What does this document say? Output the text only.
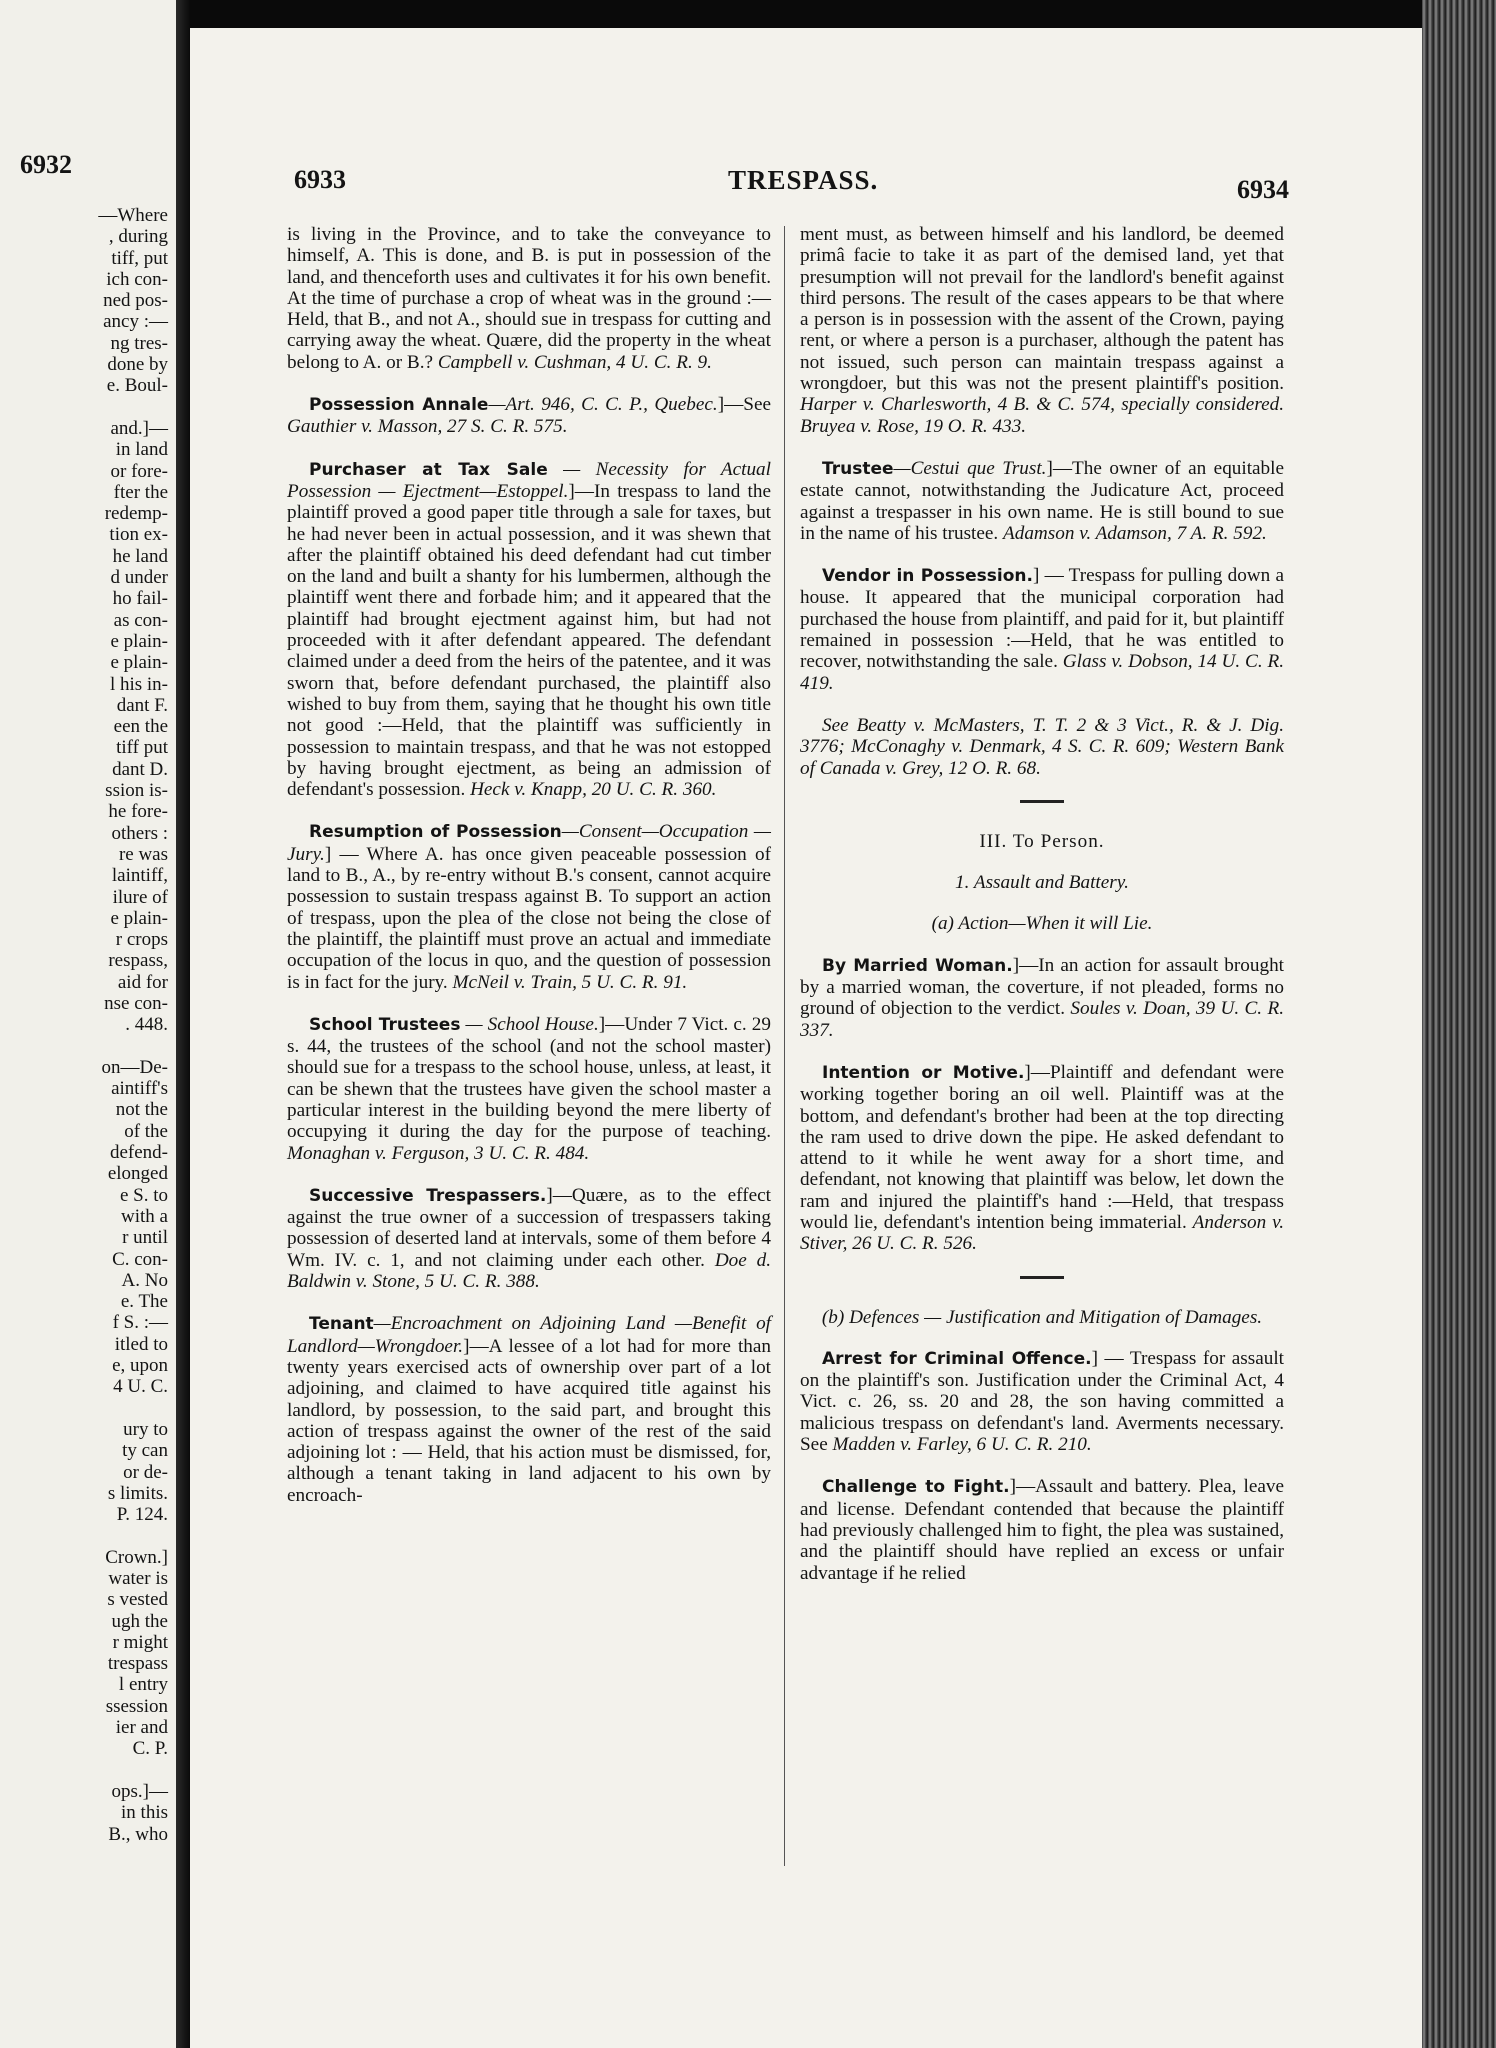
6932
—Where
, during
tiff, put
ich con-
ned pos-
ancy :—
ng tres-
done by
e. Boul-
and.]—
in land
or fore-
fter the
redemp-
tion ex-
he land
d under
ho fail-
as con-
e plain-
e plain-
l his in-
dant F.
een the
tiff put
dant D.
ssion is-
he fore-
others :
re was
laintiff,
ilure of
e plain-
r crops
respass,
aid for
nse con-
. 448.
on—De-
aintiff's
not the
of the
defend-
elonged
e S. to
with a
r until
C. con-
A. No
e. The
f S. :—
itled to
e, upon
4 U. C.
ury to
ty can
or de-
s limits.
P. 124.
Crown.]
water is
s vested
ugh the
r might
trespass
l entry
ssession
ier and
C. P.
ops.]—
in this
B., who
6933	TRESPASS.	6934

is living in the Province, and to take the conveyance to himself, A. This is done, and B. is put in possession of the land, and thenceforth uses and cultivates it for his own benefit. At the time of purchase a crop of wheat was in the ground :—Held, that B., and not A., should sue in trespass for cutting and carrying away the wheat. Quære, did the property in the wheat belong to A. or B.? Campbell v. Cushman, 4 U. C. R. 9.

Possession Annale—Art. 946, C. C. P., Quebec.]—See Gauthier v. Masson, 27 S. C. R. 575.

Purchaser at Tax Sale — Necessity for Actual Possession — Ejectment—Estoppel.]—In trespass to land the plaintiff proved a good paper title through a sale for taxes, but he had never been in actual possession, and it was shewn that after the plaintiff obtained his deed defendant had cut timber on the land and built a shanty for his lumbermen, although the plaintiff went there and forbade him; and it appeared that the plaintiff had brought ejectment against him, but had not proceeded with it after defendant appeared. The defendant claimed under a deed from the heirs of the patentee, and it was sworn that, before defendant purchased, the plaintiff also wished to buy from them, saying that he thought his own title not good :—Held, that the plaintiff was sufficiently in possession to maintain trespass, and that he was not estopped by having brought ejectment, as being an admission of defendant's possession. Heck v. Knapp, 20 U. C. R. 360.

Resumption of Possession—Consent—Occupation — Jury.] — Where A. has once given peaceable possession of land to B., A., by re-entry without B.'s consent, cannot acquire possession to sustain trespass against B. To support an action of trespass, upon the plea of the close not being the close of the plaintiff, the plaintiff must prove an actual and immediate occupation of the locus in quo, and the question of possession is in fact for the jury. McNeil v. Train, 5 U. C. R. 91.

School Trustees — School House.]—Under 7 Vict. c. 29 s. 44, the trustees of the school (and not the school master) should sue for a trespass to the school house, unless, at least, it can be shewn that the trustees have given the school master a particular interest in the building beyond the mere liberty of occupying it during the day for the purpose of teaching. Monaghan v. Ferguson, 3 U. C. R. 484.

Successive Trespassers.]—Quære, as to the effect against the true owner of a succession of trespassers taking possession of deserted land at intervals, some of them before 4 Wm. IV. c. 1, and not claiming under each other. Doe d. Baldwin v. Stone, 5 U. C. R. 388.

Tenant—Encroachment on Adjoining Land —Benefit of Landlord—Wrongdoer.]—A lessee of a lot had for more than twenty years exercised acts of ownership over part of a lot adjoining, and claimed to have acquired title against his landlord, by possession, to the said part, and brought this action of trespass against the owner of the rest of the said adjoining lot : — Held, that his action must be dismissed, for, although a tenant taking in land adjacent to his own by encroach-

ment must, as between himself and his landlord, be deemed primâ facie to take it as part of the demised land, yet that presumption will not prevail for the landlord's benefit against third persons. The result of the cases appears to be that where a person is in possession with the assent of the Crown, paying rent, or where a person is a purchaser, although the patent has not issued, such person can maintain trespass against a wrongdoer, but this was not the present plaintiff's position. Harper v. Charlesworth, 4 B. & C. 574, specially considered. Bruyea v. Rose, 19 O. R. 433.

Trustee—Cestui que Trust.]—The owner of an equitable estate cannot, notwithstanding the Judicature Act, proceed against a trespasser in his own name. He is still bound to sue in the name of his trustee. Adamson v. Adamson, 7 A. R. 592.

Vendor in Possession.] — Trespass for pulling down a house. It appeared that the municipal corporation had purchased the house from plaintiff, and paid for it, but plaintiff remained in possession :—Held, that he was entitled to recover, notwithstanding the sale. Glass v. Dobson, 14 U. C. R. 419.

See Beatty v. McMasters, T. T. 2 & 3 Vict., R. & J. Dig. 3776; McConaghy v. Denmark, 4 S. C. R. 609; Western Bank of Canada v. Grey, 12 O. R. 68.

III. To Person.
1. Assault and Battery.
(a) Action—When it will Lie.

By Married Woman.]—In an action for assault brought by a married woman, the coverture, if not pleaded, forms no ground of objection to the verdict. Soules v. Doan, 39 U. C. R. 337.

Intention or Motive.]—Plaintiff and defendant were working together boring an oil well. Plaintiff was at the bottom, and defendant's brother had been at the top directing the ram used to drive down the pipe. He asked defendant to attend to it while he went away for a short time, and defendant, not knowing that plaintiff was below, let down the ram and injured the plaintiff's hand :—Held, that trespass would lie, defendant's intention being immaterial. Anderson v. Stiver, 26 U. C. R. 526.

(b) Defences — Justification and Mitigation of Damages.

Arrest for Criminal Offence.] — Trespass for assault on the plaintiff's son. Justification under the Criminal Act, 4 Vict. c. 26, ss. 20 and 28, the son having committed a malicious trespass on defendant's land. Averments necessary. See Madden v. Farley, 6 U. C. R. 210.

Challenge to Fight.]—Assault and battery. Plea, leave and license. Defendant contended that because the plaintiff had previously challenged him to fight, the plea was sustained, and the plaintiff should have replied an excess or unfair advantage if he relied
